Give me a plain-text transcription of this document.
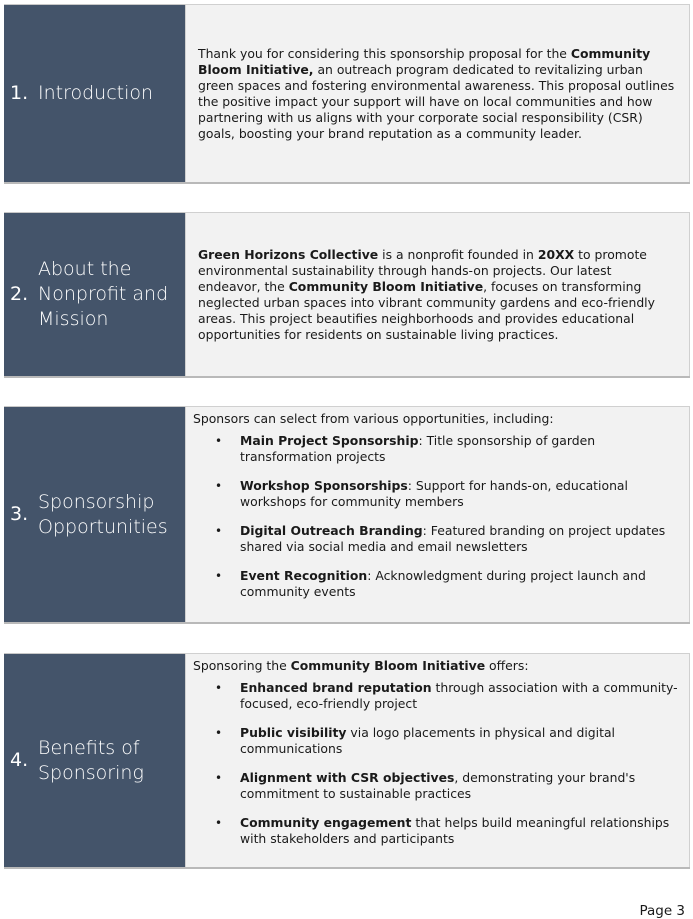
1. Introduction

Thank you for considering this sponsorship proposal for the Community Bloom Initiative, an outreach program dedicated to revitalizing urban green spaces and fostering environmental awareness. This proposal outlines the positive impact your support will have on local communities and how partnering with us aligns with your corporate social responsibility (CSR) goals, boosting your brand reputation as a community leader.

2.
About the Nonprofit and Mission

Green Horizons Collective is a nonprofit founded in 20XX to promote environmental sustainability through hands-on projects. Our latest endeavor, the Community Bloom Initiative, focuses on transforming neglected urban spaces into vibrant community gardens and eco-friendly areas. This project beautifies neighborhoods and provides educational opportunities for residents on sustainable living practices.

3.
Sponsorship Opportunities
Sponsors can select from various opportunities, including:
• Main Project Sponsorship: Title sponsorship of garden transformation projects
• Workshop Sponsorships: Support for hands-on, educational workshops for community members
• Digital Outreach Branding: Featured branding on project updates shared via social media and email newsletters
• Event Recognition: Acknowledgment during project launch and community events
4.
Benefits of Sponsoring
Sponsoring the Community Bloom Initiative offers:
• Enhanced brand reputation through association with a community-focused, eco-friendly project
• Public visibility via logo placements in physical and digital communications
• Alignment with CSR objectives, demonstrating your brand's commitment to sustainable practices
• Community engagement that helps build meaningful relationships with stakeholders and participants
Page 3
